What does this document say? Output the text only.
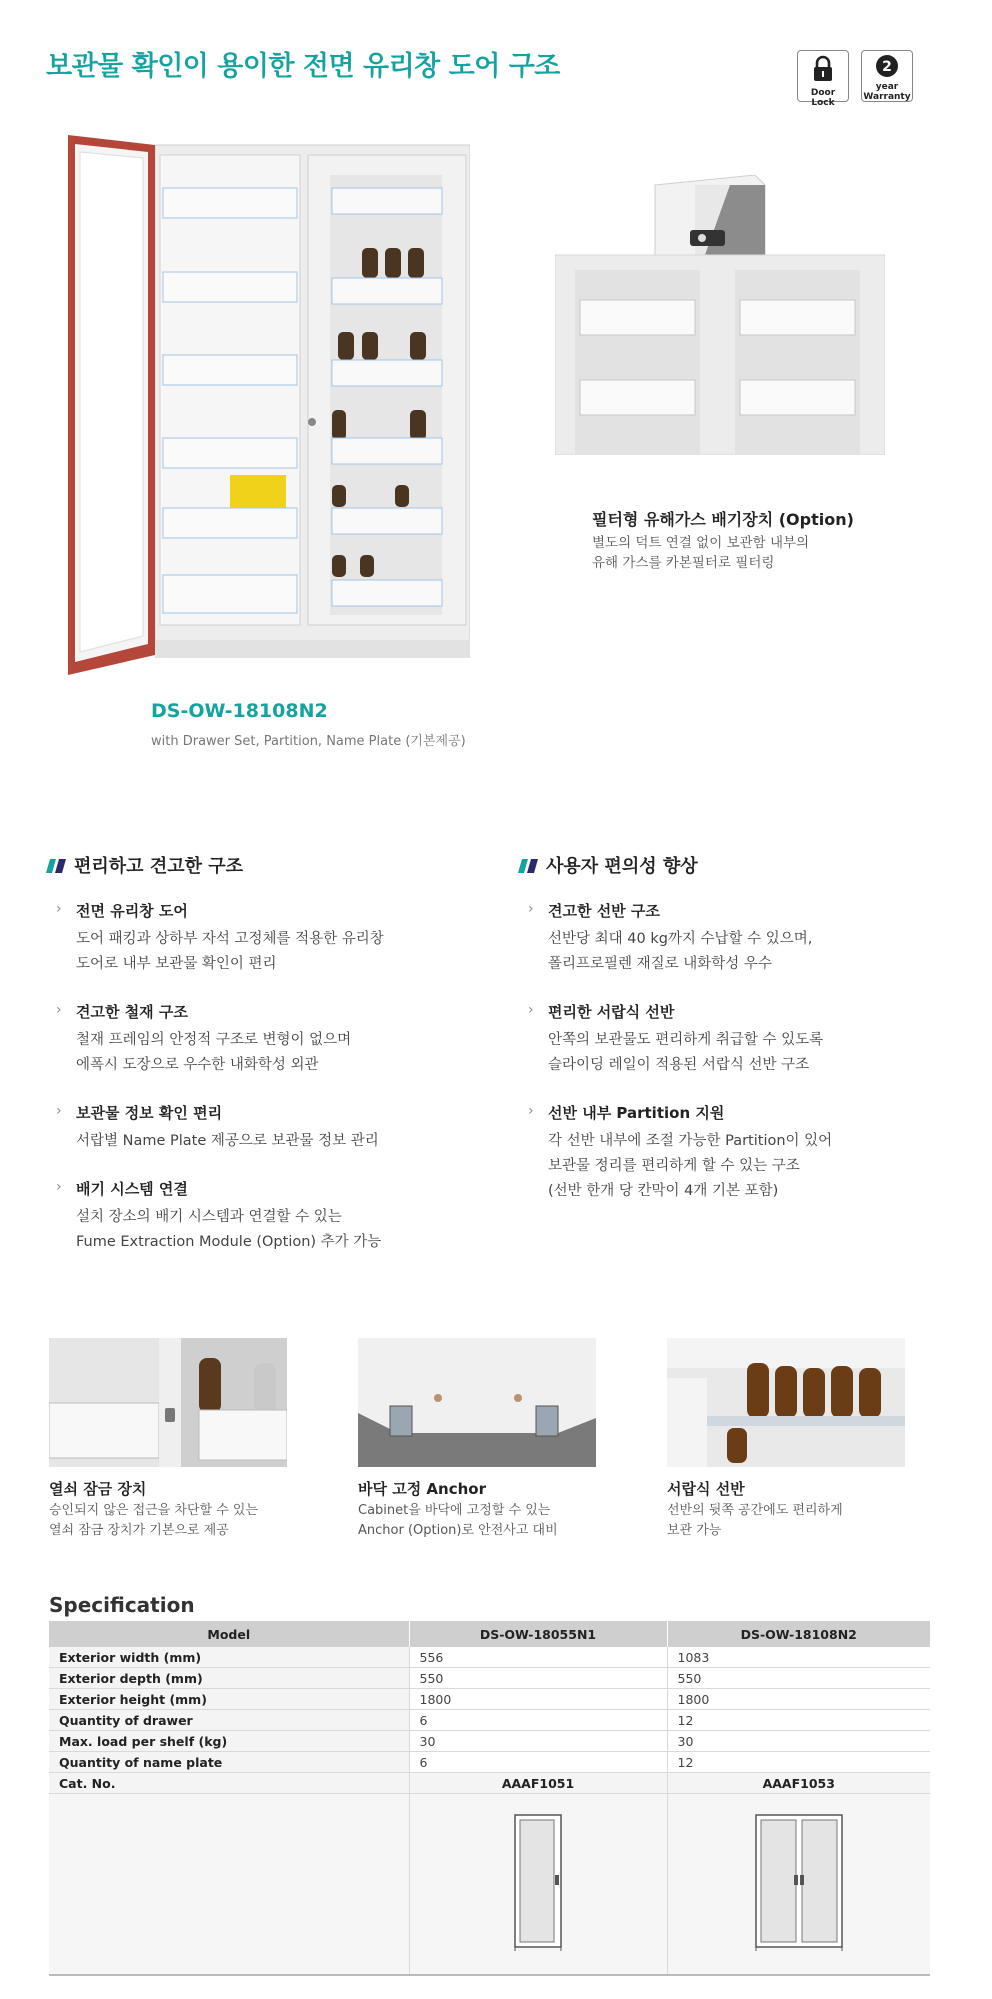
보관물 확인이 용이한 전면 유리창 도어 구조
Door Lock
2
year
Warranty
DS-OW-18108N2
with Drawer Set, Partition, Name Plate (기본제공)
필터형 유해가스 배기장치 (Option)
별도의 덕트 연결 없이 보관함 내부의
유해 가스를 카본필터로 필터링
편리하고 견고한 구조	사용자 편의성 향상
› 전면 유리창 도어
도어 패킹과 상하부 자석 고정체를 적용한 유리창
도어로 내부 보관물 확인이 편리
› 견고한 철재 구조
철재 프레임의 안정적 구조로 변형이 없으며
에폭시 도장으로 우수한 내화학성 외관
› 보관물 정보 확인 편리
서랍별 Name Plate 제공으로 보관물 정보 관리
› 배기 시스템 연결
설치 장소의 배기 시스템과 연결할 수 있는
Fume Extraction Module (Option) 추가 가능
› 견고한 선반 구조
선반당 최대 40 kg까지 수납할 수 있으며,
폴리프로필렌 재질로 내화학성 우수
› 편리한 서랍식 선반
안쪽의 보관물도 편리하게 취급할 수 있도록
슬라이딩 레일이 적용된 서랍식 선반 구조
› 선반 내부 Partition 지원
각 선반 내부에 조절 가능한 Partition이 있어
보관물 정리를 편리하게 할 수 있는 구조
(선반 한개 당 칸막이 4개 기본 포함)
열쇠 잠금 장치
승인되지 않은 접근을 차단할 수 있는
열쇠 잠금 장치가 기본으로 제공
바닥 고정 Anchor
Cabinet을 바닥에 고정할 수 있는
Anchor (Option)로 안전사고 대비
서랍식 선반
선반의 뒷쪽 공간에도 편리하게
보관 가능
Specification
Model	DS-OW-18055N1	DS-OW-18108N2
Exterior width (mm)	556	1083
Exterior depth (mm)	550	550
Exterior height (mm)	1800	1800
Quantity of drawer	6	12
Max. load per shelf (kg)	30	30
Quantity of name plate	6	12
Cat. No.	AAAF1051	AAAF1053
